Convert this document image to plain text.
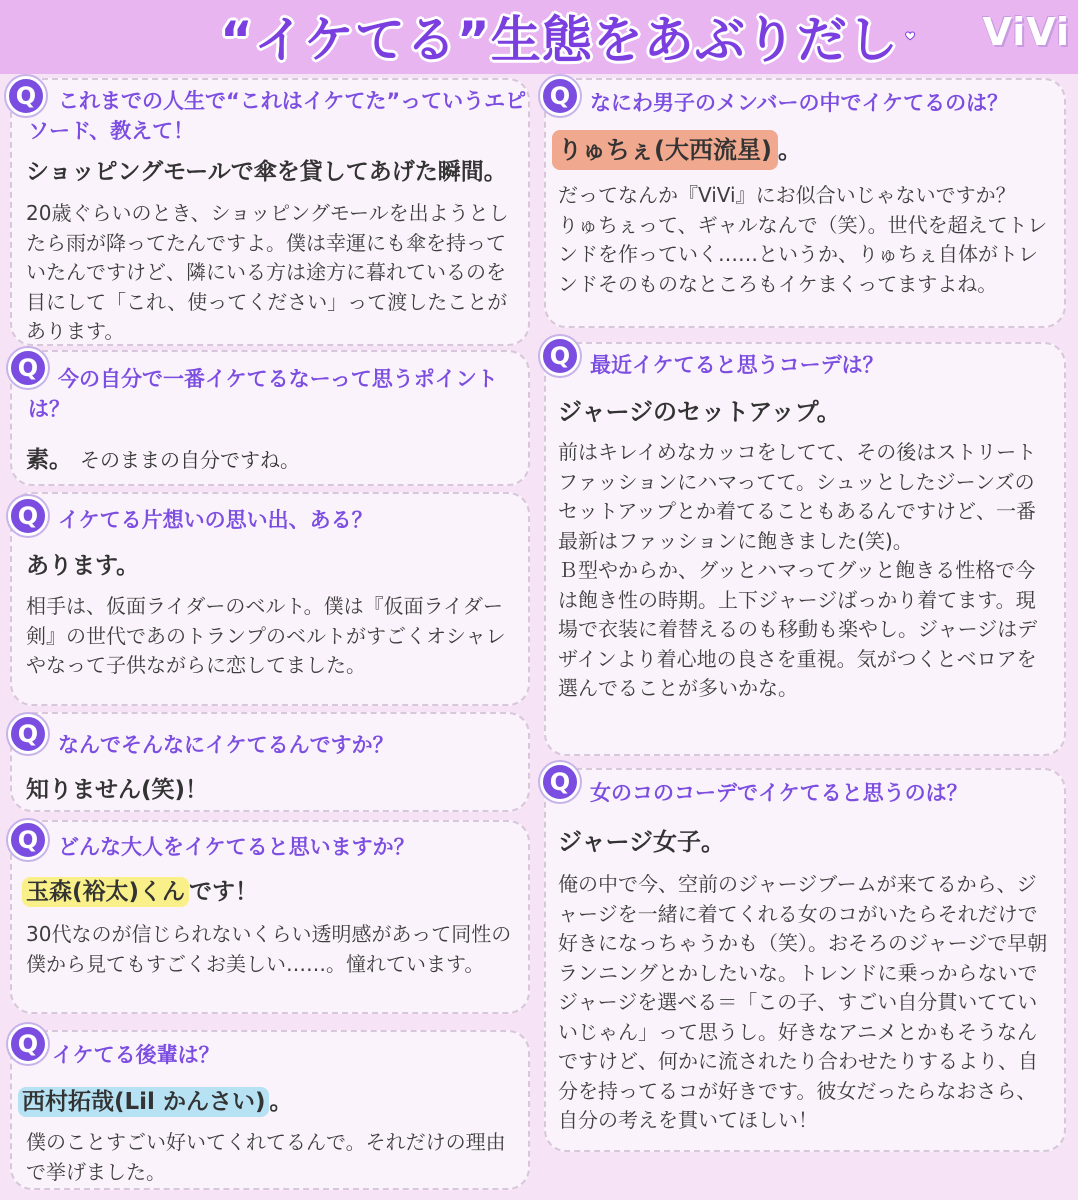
“イケてる”生態をあぶりだし ViVi
Q	これまでの人生で“これはイケてた”っていうエピソード、教えて！
ショッピングモールで傘を貸してあげた瞬間。
20歳ぐらいのとき、ショッピングモールを出ようとしたら雨が降ってたんですよ。僕は幸運にも傘を持っていたんですけど、隣にいる方は途方に暮れているのを目にして「これ、使ってください」って渡したことがあります。
Q 今の自分で一番イケてるなーって思うポイントは？
素。 そのままの自分ですね。
Q イケてる片想いの思い出、ある？
あります。
相手は、仮面ライダーのベルト。僕は『仮面ライダー剣』の世代であのトランプのベルトがすごくオシャレやなって子供ながらに恋してました。
Q なんでそんなにイケてるんですか？
知りません(笑)！
Q どんな大人をイケてると思いますか？
玉森(裕太)くん です！
30代なのが信じられないくらい透明感があって同性の僕から見てもすごくお美しい……。憧れています。
Q イケてる後輩は？
西村拓哉(Lil かんさい) 。
僕のことすごい好いてくれてるんで。それだけの理由で挙げました。
Q なにわ男子のメンバーの中でイケてるのは？
りゅちぇ(大西流星) 。
だってなんか『ViVi』にお似合いじゃないですか？　りゅちぇって、ギャルなんで（笑）。世代を超えてトレンドを作っていく……というか、りゅちぇ自体がトレンドそのものなところもイケまくってますよね。
Q 最近イケてると思うコーデは？
ジャージのセットアップ。
前はキレイめなカッコをしてて、その後はストリートファッションにハマってて。シュッとしたジーンズのセットアップとか着てることもあるんですけど、一番最新はファッションに飽きました(笑)。
Ｂ型やからか、グッとハマってグッと飽きる性格で今は飽き性の時期。上下ジャージばっかり着てます。現場で衣装に着替えるのも移動も楽やし。ジャージはデザインより着心地の良さを重視。気がつくとベロアを選んでることが多いかな。
Q 女のコのコーデでイケてると思うのは？
ジャージ女子。
俺の中で今、空前のジャージブームが来てるから、ジャージを一緒に着てくれる女のコがいたらそれだけで好きになっちゃうかも（笑）。おそろのジャージで早朝ランニングとかしたいな。トレンドに乗っからないでジャージを選べる＝「この子、すごい自分貫いてていいじゃん」って思うし。好きなアニメとかもそうなんですけど、何かに流されたり合わせたりするより、自分を持ってるコが好きです。彼女だったらなおさら、自分の考えを貫いてほしい！
